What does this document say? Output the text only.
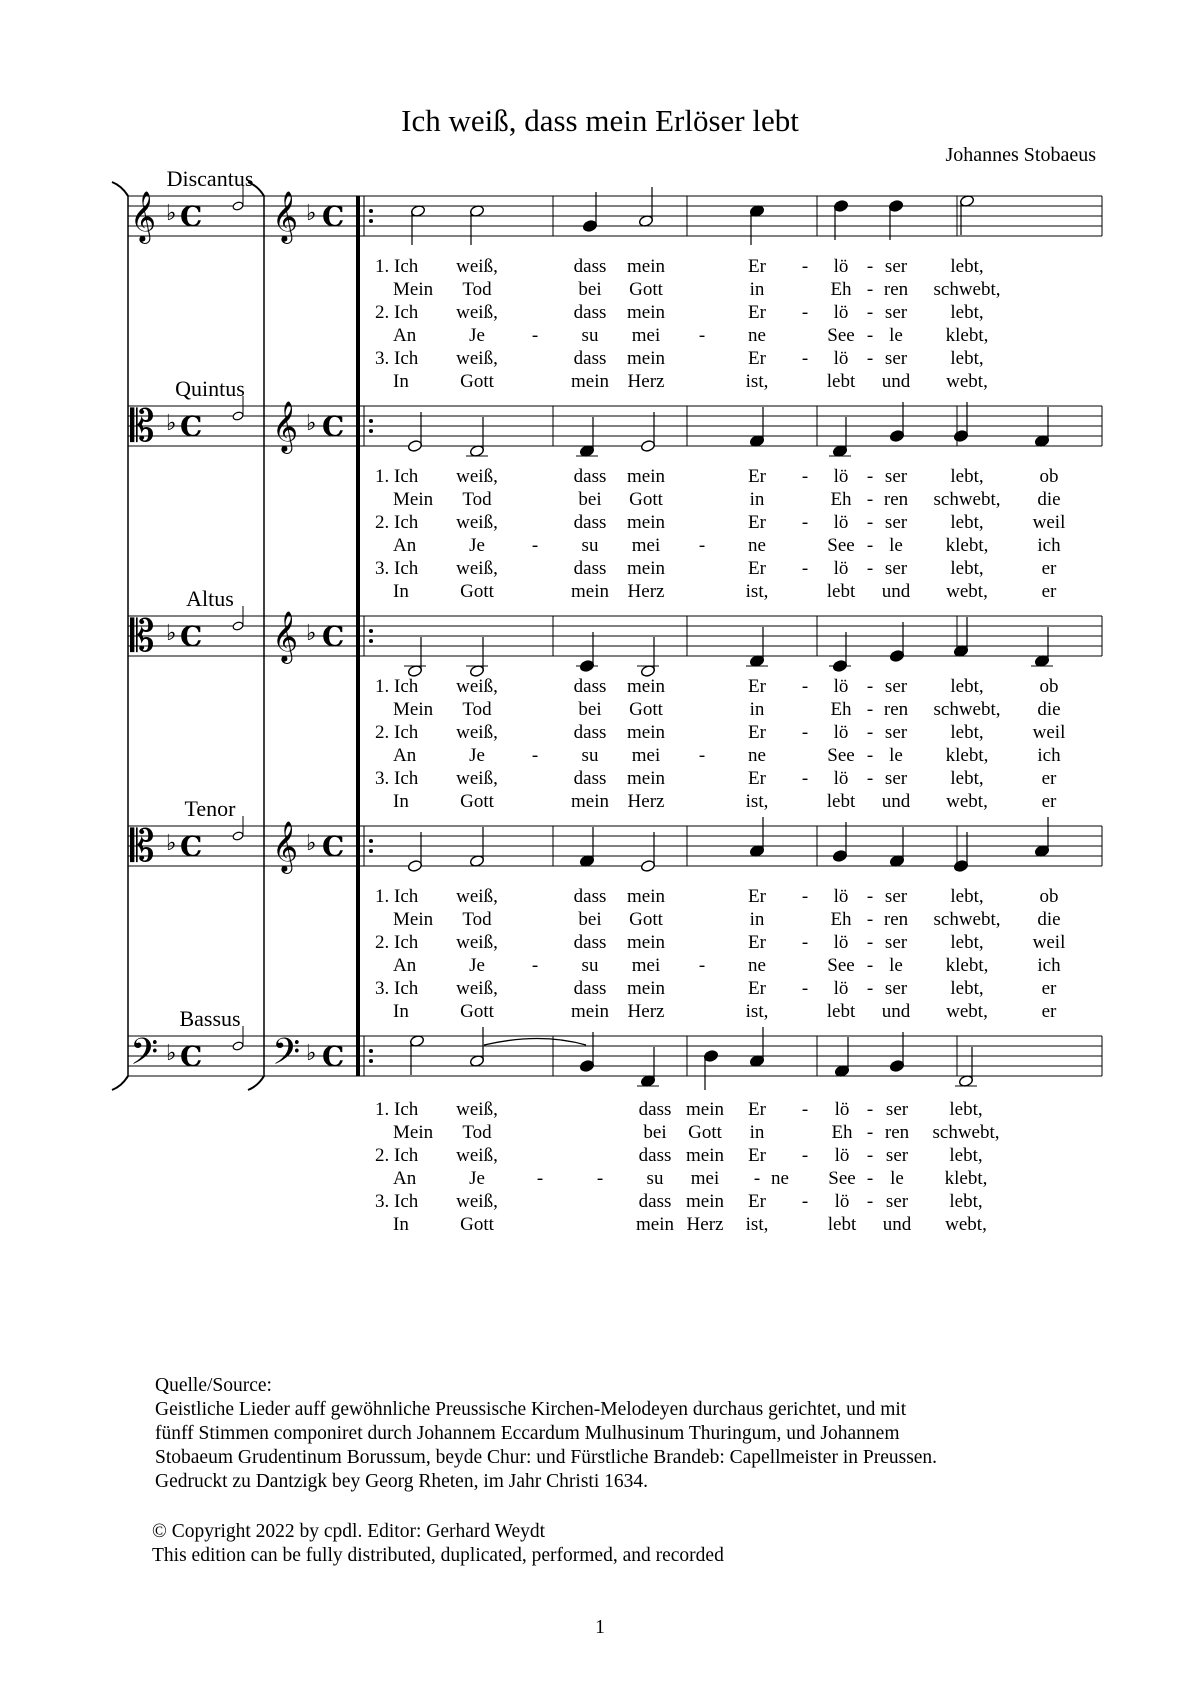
Ich weiß, dass mein Erlöser lebt
Johannes Stobaeus
Discantus
Quintus
Altus
Tenor
Bassus
𝄞	𝄞
♭	♭
C	C
𝄡	𝄞
♭	♭
C	C
𝄡	𝄞
♭	♭
C	C
𝄡	𝄞
♭	♭
C	C
𝄢	𝄢
♭	♭
C	C
1. Ich weiß,	dass mein	Er - lö - ser lebt,
Mein Tod	bei Gott	in	Eh - ren schwebt,
2. Ich weiß,	dass mein	Er - lö - ser lebt,
An	Je - su mei - ne	See - le klebt,
3. Ich weiß,	dass mein	Er - lö - ser lebt,
In	Gott	mein Herz	ist,	lebt und webt,
1. Ich weiß,	dass mein	Er - lö - ser lebt,	ob
Mein Tod	bei Gott	in	Eh - ren schwebt, die
2. Ich weiß,	dass mein	Er - lö - ser lebt,	weil
An	Je - su mei - ne	See - le klebt,	ich
3. Ich weiß,	dass mein	Er - lö - ser lebt,	er
In	Gott	mein Herz	ist,	lebt und webt,	er
1. Ich weiß,	dass mein	Er - lö - ser lebt,	ob
Mein Tod	bei Gott	in	Eh - ren schwebt, die
2. Ich weiß,	dass mein	Er - lö - ser lebt,	weil
An	Je - su mei - ne	See - le klebt,	ich
3. Ich weiß,	dass mein	Er - lö - ser lebt,	er
In	Gott	mein Herz	ist,	lebt und webt,	er
1. Ich weiß,	dass mein	Er - lö - ser lebt,	ob
Mein Tod	bei Gott	in	Eh - ren schwebt, die
2. Ich weiß,	dass mein	Er - lö - ser lebt,	weil
An	Je - su mei - ne	See - le klebt,	ich
3. Ich weiß,	dass mein	Er - lö - ser lebt,	er
In	Gott	mein Herz	ist,	lebt und webt,	er
1. Ich weiß,	dass mein Er - lö - ser lebt,
Mein Tod	bei Gott in	Eh - ren schwebt,
2. Ich weiß,	dass mein Er - lö - ser lebt,
An	Je	-	- su mei - ne See - le klebt,
3. Ich weiß,	dass mein Er - lö - ser lebt,
In	Gott	mein Herz ist,	lebt und webt,

Quelle/Source:

Geistliche Lieder auff gewöhnliche Preussische Kirchen-Melodeyen durchaus gerichtet, und mit

fünff Stimmen componiret durch Johannem Eccardum Mulhusinum Thuringum, und Johannem

Stobaeum Grudentinum Borussum, beyde Chur: und Fürstliche Brandeb: Capellmeister in Preussen.

Gedruckt zu Dantzigk bey Georg Rheten, im Jahr Christi 1634.

© Copyright 2022 by cpdl. Editor: Gerhard Weydt

This edition can be fully distributed, duplicated, performed, and recorded

1
